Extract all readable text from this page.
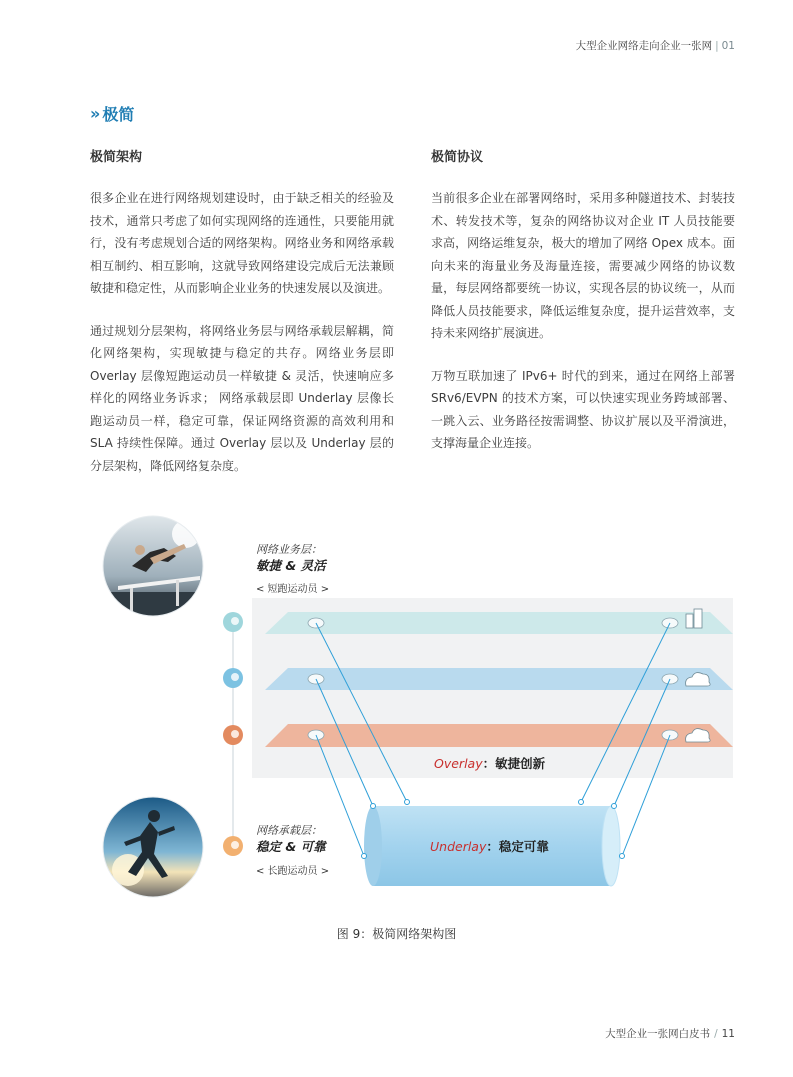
大型企业网络走向企业一张网 | 01
» 极简
极简架构

很多企业在进行网络规划建设时，由于缺乏相关的经验及技术，通常只考虑了如何实现网络的连通性，只要能用就行，没有考虑规划合适的网络架构。网络业务和网络承载相互制约、相互影响，这就导致网络建设完成后无法兼顾敏捷和稳定性，从而影响企业业务的快速发展以及演进。

通过规划分层架构，将网络业务层与网络承载层解耦，简化网络架构，实现敏捷与稳定的共存。网络业务层即 Overlay 层像短跑运动员一样敏捷 & 灵活，快速响应多样化的网络业务诉求； 网络承载层即 Underlay 层像长跑运动员一样，稳定可靠，保证网络资源的高效利用和 SLA 持续性保障。通过 Overlay 层以及 Underlay 层的分层架构，降低网络复杂度。

极简协议

当前很多企业在部署网络时，采用多种隧道技术、封装技术、转发技术等，复杂的网络协议对企业 IT 人员技能要求高，网络运维复杂，极大的增加了网络 Opex 成本。面向未来的海量业务及海量连接，需要减少网络的协议数量，每层网络都要统一协议，实现各层的协议统一，从而降低人员技能要求，降低运维复杂度，提升运营效率，支持未来网络扩展演进。

万物互联加速了 IPv6+ 时代的到来，通过在网络上部署 SRv6/EVPN 的技术方案，可以快速实现业务跨域部署、一跳入云、业务路径按需调整、协议扩展以及平滑演进，支撑海量企业连接。

网络业务层：
敏捷 & 灵活
< 短跑运动员 >
网络承载层：
稳定 & 可靠
< 长跑运动员 >
Overlay：敏捷创新
Underlay：稳定可靠
图 9：极简网络架构图
大型企业一张网白皮书 / 11
